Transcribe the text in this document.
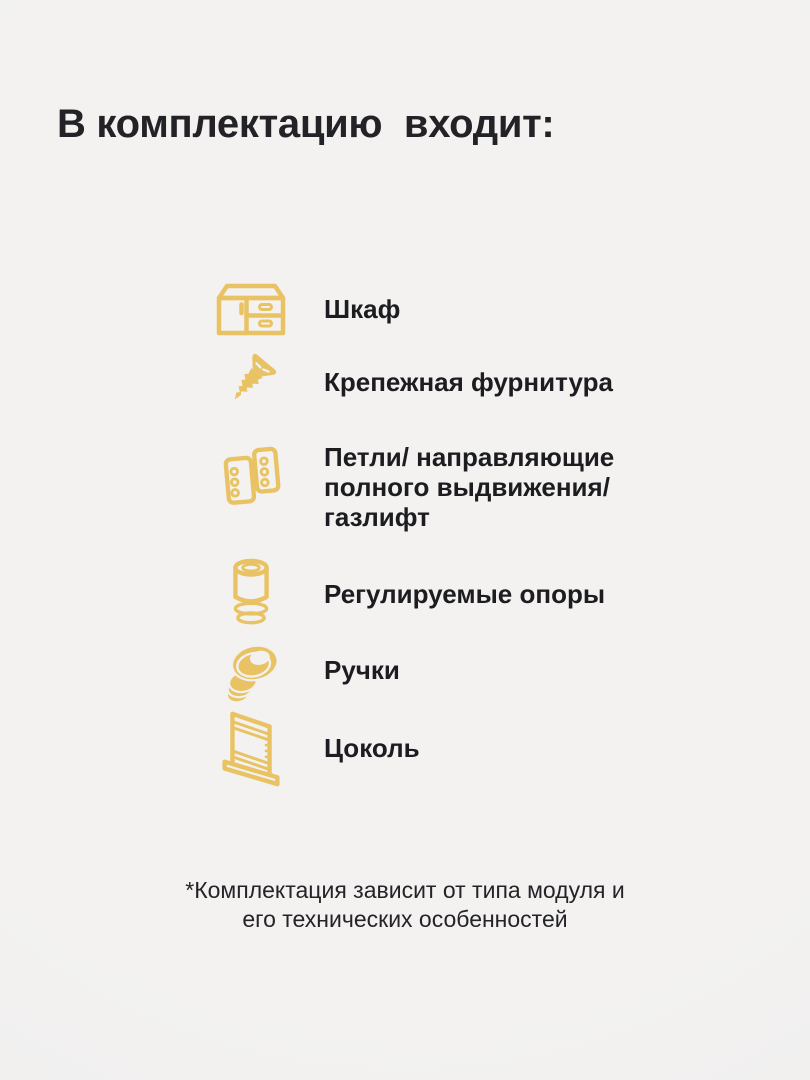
В комплектацию  входит:
Шкаф
Крепежная фурнитура
Петли/ направляющие полного выдвижения/ газлифт
Регулируемые опоры
Ручки
Цоколь
*Комплектация зависит от типа модуля и его технических особенностей
